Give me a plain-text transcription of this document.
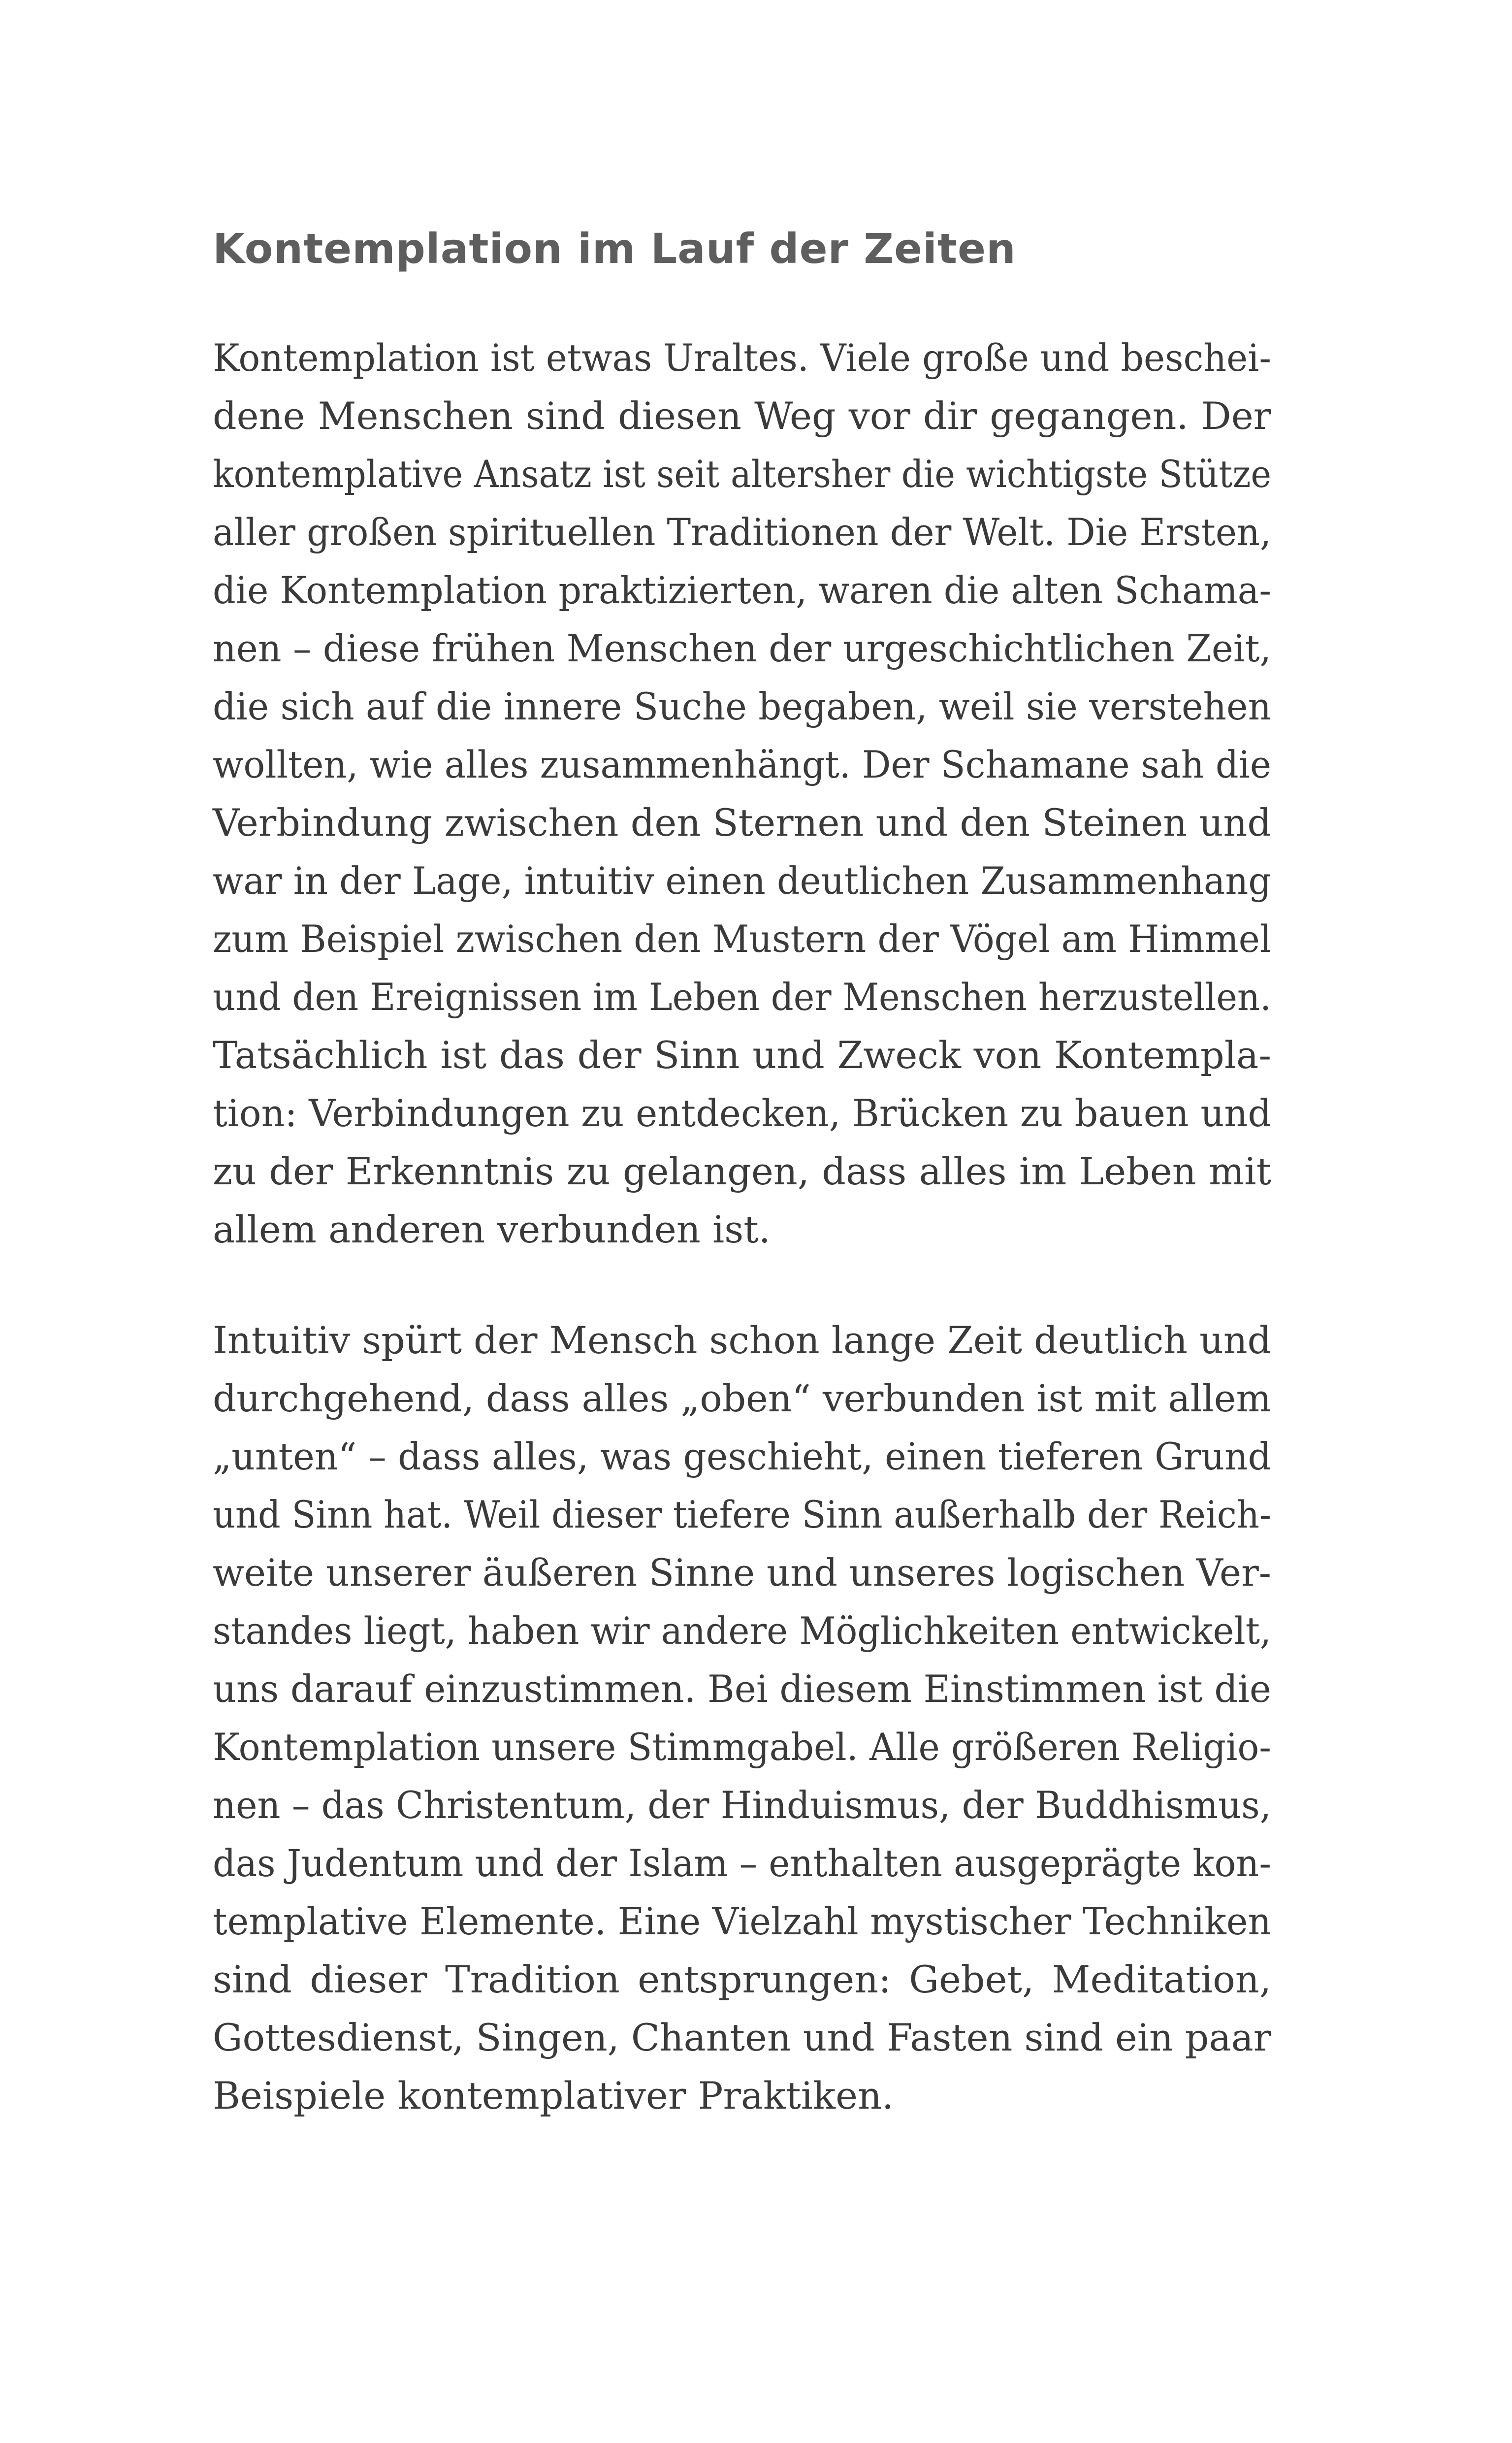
Kontemplation im Lauf der Zeiten
Kontemplation ist etwas Uraltes. Viele große und beschei-
dene Menschen sind diesen Weg vor dir gegangen. Der
kontemplative Ansatz ist seit altersher die wichtigste Stütze
aller großen spirituellen Traditionen der Welt. Die Ersten,
die Kontemplation praktizierten, waren die alten Schama-
nen – diese frühen Menschen der urgeschichtlichen Zeit,
die sich auf die innere Suche begaben, weil sie verstehen
wollten, wie alles zusammenhängt. Der Schamane sah die
Verbindung zwischen den Sternen und den Steinen und
war in der Lage, intuitiv einen deutlichen Zusammenhang
zum Beispiel zwischen den Mustern der Vögel am Himmel
und den Ereignissen im Leben der Menschen herzustellen.
Tatsächlich ist das der Sinn und Zweck von Kontempla-
tion: Verbindungen zu entdecken, Brücken zu bauen und
zu der Erkenntnis zu gelangen, dass alles im Leben mit
allem anderen verbunden ist.
Intuitiv spürt der Mensch schon lange Zeit deutlich und
durchgehend, dass alles „oben“ verbunden ist mit allem
„unten“ – dass alles, was geschieht, einen tieferen Grund
und Sinn hat. Weil dieser tiefere Sinn außerhalb der Reich-
weite unserer äußeren Sinne und unseres logischen Ver-
standes liegt, haben wir andere Möglichkeiten entwickelt,
uns darauf einzustimmen. Bei diesem Einstimmen ist die
Kontemplation unsere Stimmgabel. Alle größeren Religio-
nen – das Christentum, der Hinduismus, der Buddhismus,
das Judentum und der Islam – enthalten ausgeprägte kon-
templative Elemente. Eine Vielzahl mystischer Techniken
sind dieser Tradition entsprungen: Gebet, Meditation,
Gottesdienst, Singen, Chanten und Fasten sind ein paar
Beispiele kontemplativer Praktiken.
